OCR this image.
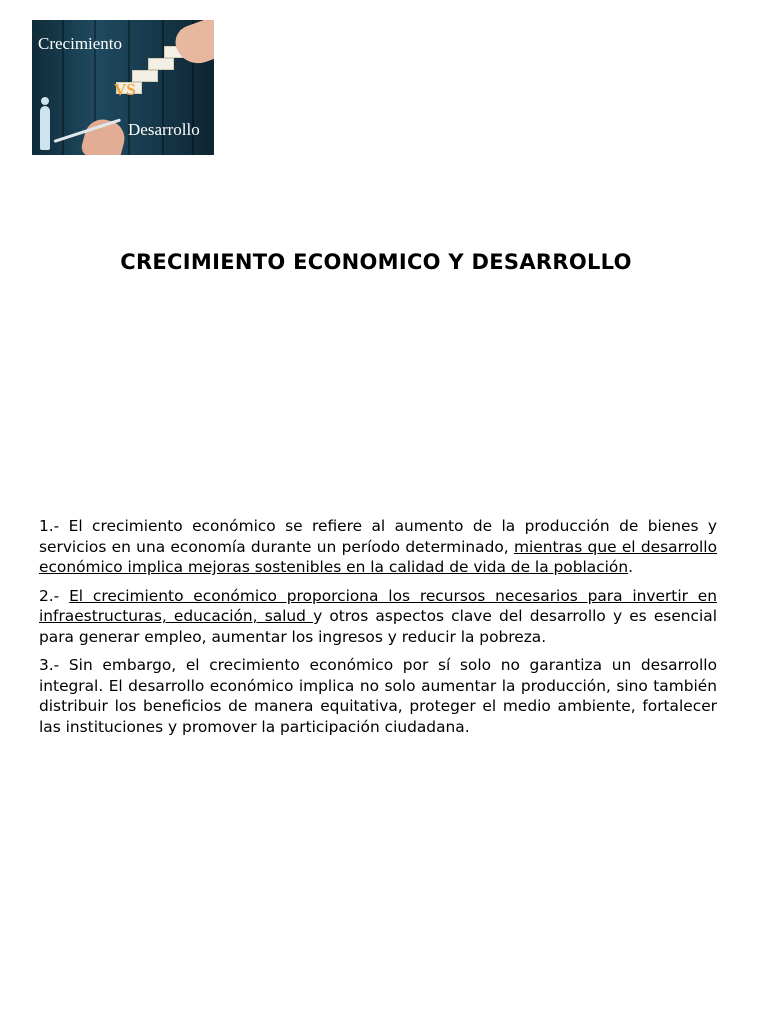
Crecimiento
VS
Desarrollo
CRECIMIENTO ECONOMICO Y DESARROLLO

1.- El crecimiento económico se refiere al aumento de la producción de bienes y servicios en una economía durante un período determinado, mientras que el desarrollo económico implica mejoras sostenibles en la calidad de vida de la población.

2.- El crecimiento económico proporciona los recursos necesarios para invertir en infraestructuras, educación, salud y otros aspectos clave del desarrollo y es esencial para generar empleo, aumentar los ingresos y reducir la pobreza.

3.- Sin embargo, el crecimiento económico por sí solo no garantiza un desarrollo integral. El desarrollo económico implica no solo aumentar la producción, sino también distribuir los beneficios de manera equitativa, proteger el medio ambiente, fortalecer las instituciones y promover la participación ciudadana.
